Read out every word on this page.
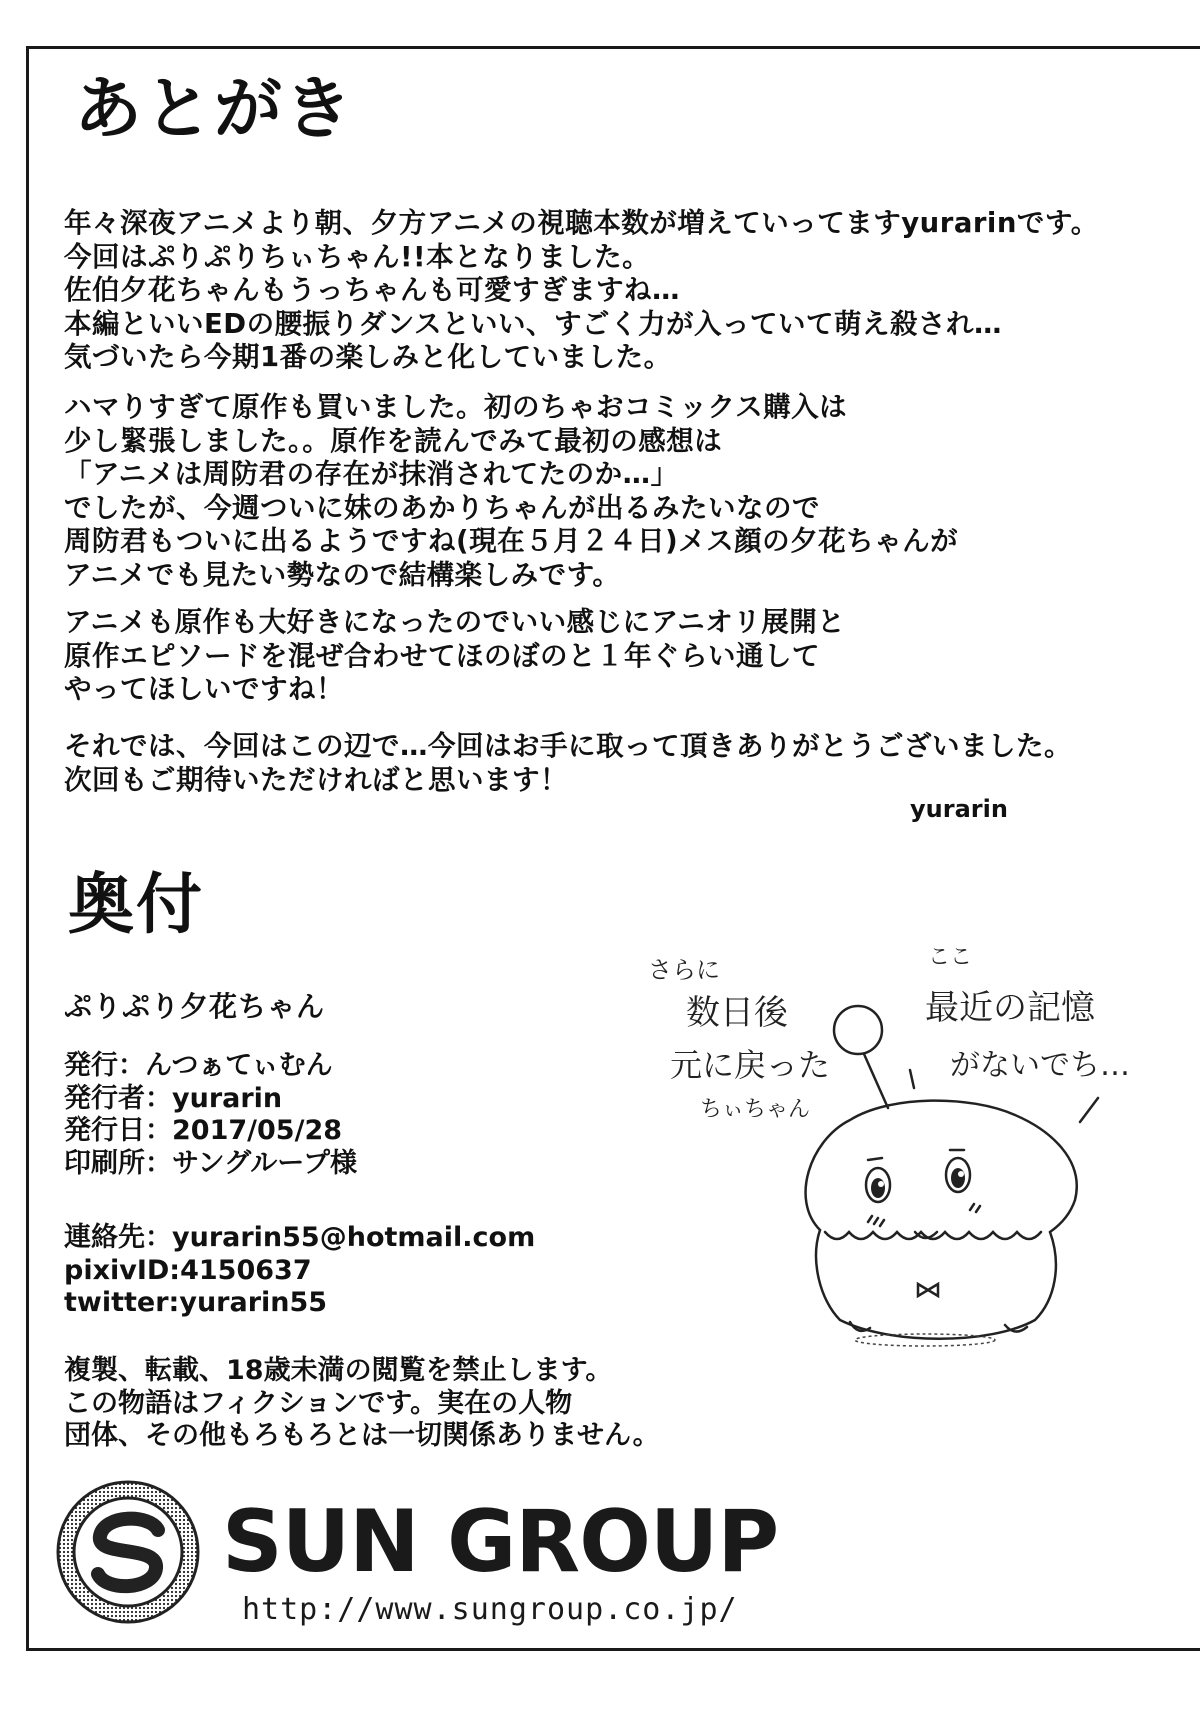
あとがき
年々深夜アニメより朝、夕方アニメの視聴本数が増えていってますyurarinです。
今回はぷりぷりちぃちゃん!!本となりました。
佐伯夕花ちゃんもうっちゃんも可愛すぎますね…
本編といいEDの腰振りダンスといい、すごく力が入っていて萌え殺され…
気づいたら今期1番の楽しみと化していました。
ハマりすぎて原作も買いました。初のちゃおコミックス購入は
少し緊張しました。。原作を読んでみて最初の感想は
「アニメは周防君の存在が抹消されてたのか…」
でしたが、今週ついに妹のあかりちゃんが出るみたいなので
周防君もついに出るようですね(現在５月２４日)メス顔の夕花ちゃんが
アニメでも見たい勢なので結構楽しみです。
アニメも原作も大好きになったのでいい感じにアニオリ展開と
原作エピソードを混ぜ合わせてほのぼのと１年ぐらい通して
やってほしいですね！
それでは、今回はこの辺で…今回はお手に取って頂きありがとうございました。
次回もご期待いただければと思います！
yurarin
奥付
ぷりぷり夕花ちゃん
発行：んつぁてぃむん
発行者：yurarin
発行日：2017/05/28
印刷所：サングループ様
連絡先：yurarin55@hotmail.com
pixivID:4150637
twitter:yurarin55
複製、転載、18歳未満の閲覧を禁止します。
この物語はフィクションです。実在の人物
団体、その他もろもろとは一切関係ありません。
さらに
数日後
元に戻った
ちぃちゃん
ここ
最近の記憶
がないでち…
SUN GROUP
http://www.sungroup.co.jp/
